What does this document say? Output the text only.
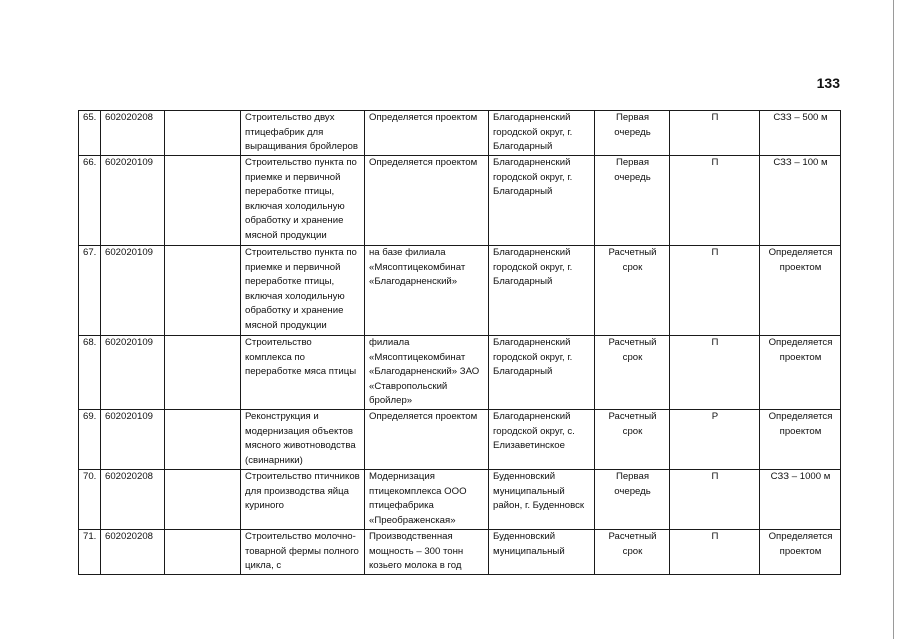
133
65.	602020208		Строительство двух птицефабрик для выращивания бройлеров	Определяется проектом	Благодарненский городской округ, г. Благодарный	Первая очередь	П	СЗЗ – 500 м
66.	602020109		Строительство пункта по приемке и первичной переработке птицы, включая холодильную обработку и хранение мясной продукции	Определяется проектом	Благодарненский городской округ, г. Благодарный	Первая очередь	П	СЗЗ – 100 м
67.	602020109		Строительство пункта по приемке и первичной переработке птицы, включая холодильную обработку и хранение мясной продукции	на базе филиала «Мясоптицекомбинат «Благодарненский»	Благодарненский городской округ, г. Благодарный	Расчетный срок	П	Определяется проектом
68.	602020109		Строительство комплекса по переработке мяса птицы	филиала «Мясоптицекомбинат «Благодарненский» ЗАО «Ставропольский бройлер»	Благодарненский городской округ, г. Благодарный	Расчетный срок	П	Определяется проектом
69.	602020109		Реконструкция и модернизация объектов мясного животноводства (свинарники)	Определяется проектом	Благодарненский городской округ, с. Елизаветинское	Расчетный срок	Р	Определяется проектом
70.	602020208		Строительство птичников для производства яйца куриного	Модернизация птицекомплекса ООО птицефабрика «Преображенская»	Буденновский муниципальный район, г. Буденновск	Первая очередь	П	СЗЗ – 1000 м
71.	602020208		Строительство молочно-товарной фермы полного цикла, с	Производственная мощность – 300 тонн козьего молока в год	Буденновский муниципальный	Расчетный срок	П	Определяется проектом
